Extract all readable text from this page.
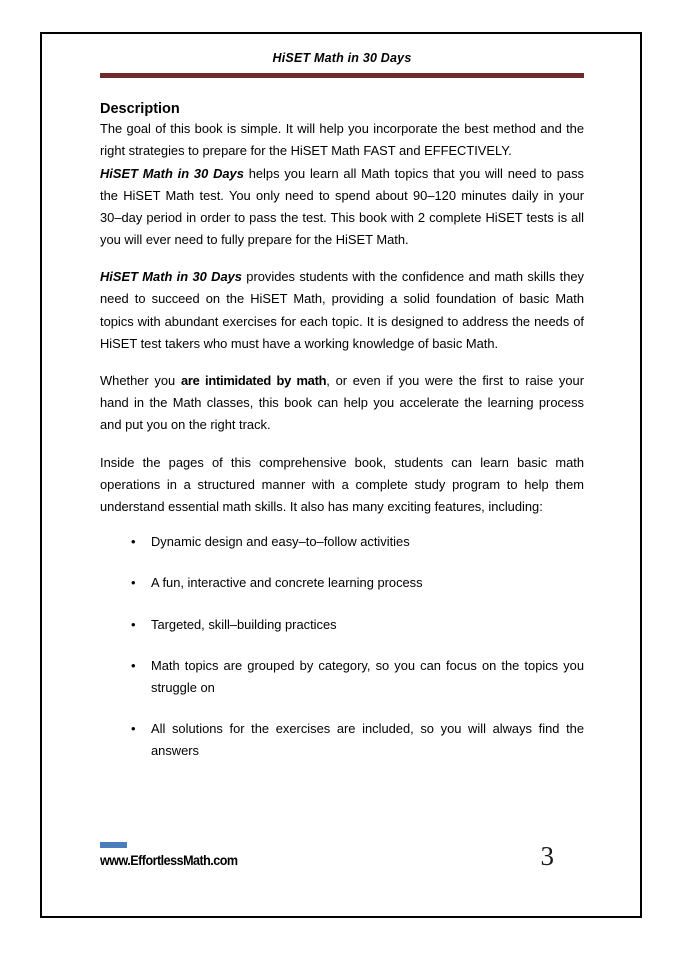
HiSET Math in 30 Days
Description

The goal of this book is simple. It will help you incorporate the best method and the right strategies to prepare for the HiSET Math FAST and EFFECTIVELY.

HiSET Math in 30 Days helps you learn all Math topics that you will need to pass the HiSET Math test. You only need to spend about 90–120 minutes daily in your 30–day period in order to pass the test. This book with 2 complete HiSET tests is all you will ever need to fully prepare for the HiSET Math.

HiSET Math in 30 Days provides students with the confidence and math skills they need to succeed on the HiSET Math, providing a solid foundation of basic Math topics with abundant exercises for each topic. It is designed to address the needs of HiSET test takers who must have a working knowledge of basic Math.

Whether you are intimidated by math, or even if you were the first to raise your hand in the Math classes, this book can help you accelerate the learning process and put you on the right track.

Inside the pages of this comprehensive book, students can learn basic math operations in a structured manner with a complete study program to help them understand essential math skills. It also has many exciting features, including:

• Dynamic design and easy–to–follow activities
• A fun, interactive and concrete learning process
• Targeted, skill–building practices
• Math topics are grouped by category, so you can focus on the topics you struggle on
• All solutions for the exercises are included, so you will always find the answers
www.EffortlessMath.com	3
